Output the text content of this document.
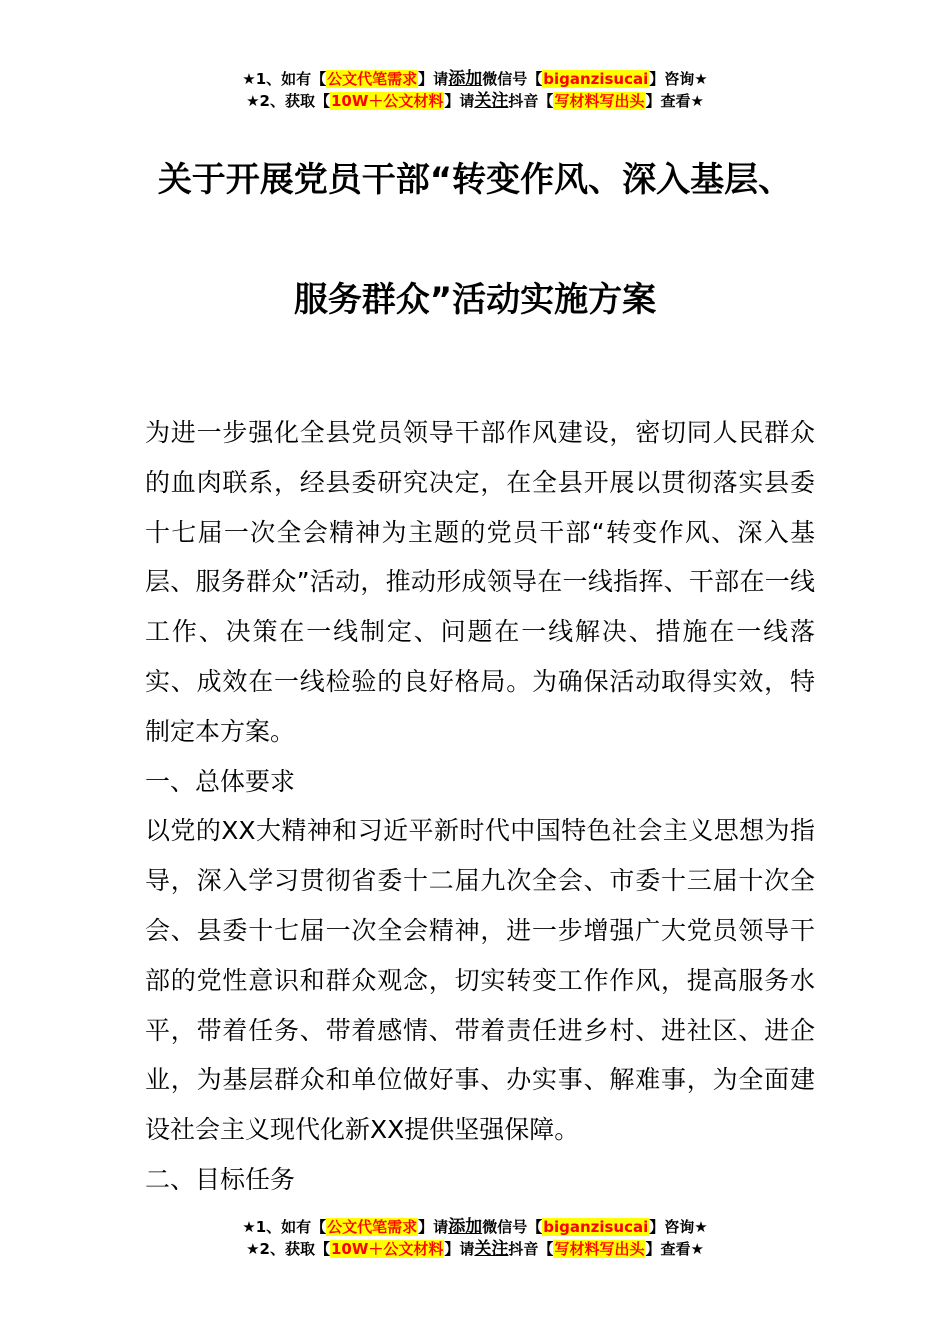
★1、如有【公文代笔需求】请添加微信号【biganzisucai】咨询★
★2、获取【10W＋公文材料】请关注抖音【写材料写出头】查看★
关于开展党员干部“转变作风、深入基层、
服务群众”活动实施方案

为进一步强化全县党员领导干部作风建设，密切同人民群众的血肉联系，经县委研究决定，在全县开展以贯彻落实县委十七届一次全会精神为主题的党员干部“转变作风、深入基层、服务群众”活动，推动形成领导在一线指挥、干部在一线工作、决策在一线制定、问题在一线解决、措施在一线落实、成效在一线检验的良好格局。为确保活动取得实效，特制定本方案。

一、总体要求

以党的XX大精神和习近平新时代中国特色社会主义思想为指导，深入学习贯彻省委十二届九次全会、市委十三届十次全会、县委十七届一次全会精神，进一步增强广大党员领导干部的党性意识和群众观念，切实转变工作作风，提高服务水平，带着任务、带着感情、带着责任进乡村、进社区、进企业，为基层群众和单位做好事、办实事、解难事，为全面建设社会主义现代化新XX提供坚强保障。

二、目标任务

★1、如有【公文代笔需求】请添加微信号【biganzisucai】咨询★
★2、获取【10W＋公文材料】请关注抖音【写材料写出头】查看★
